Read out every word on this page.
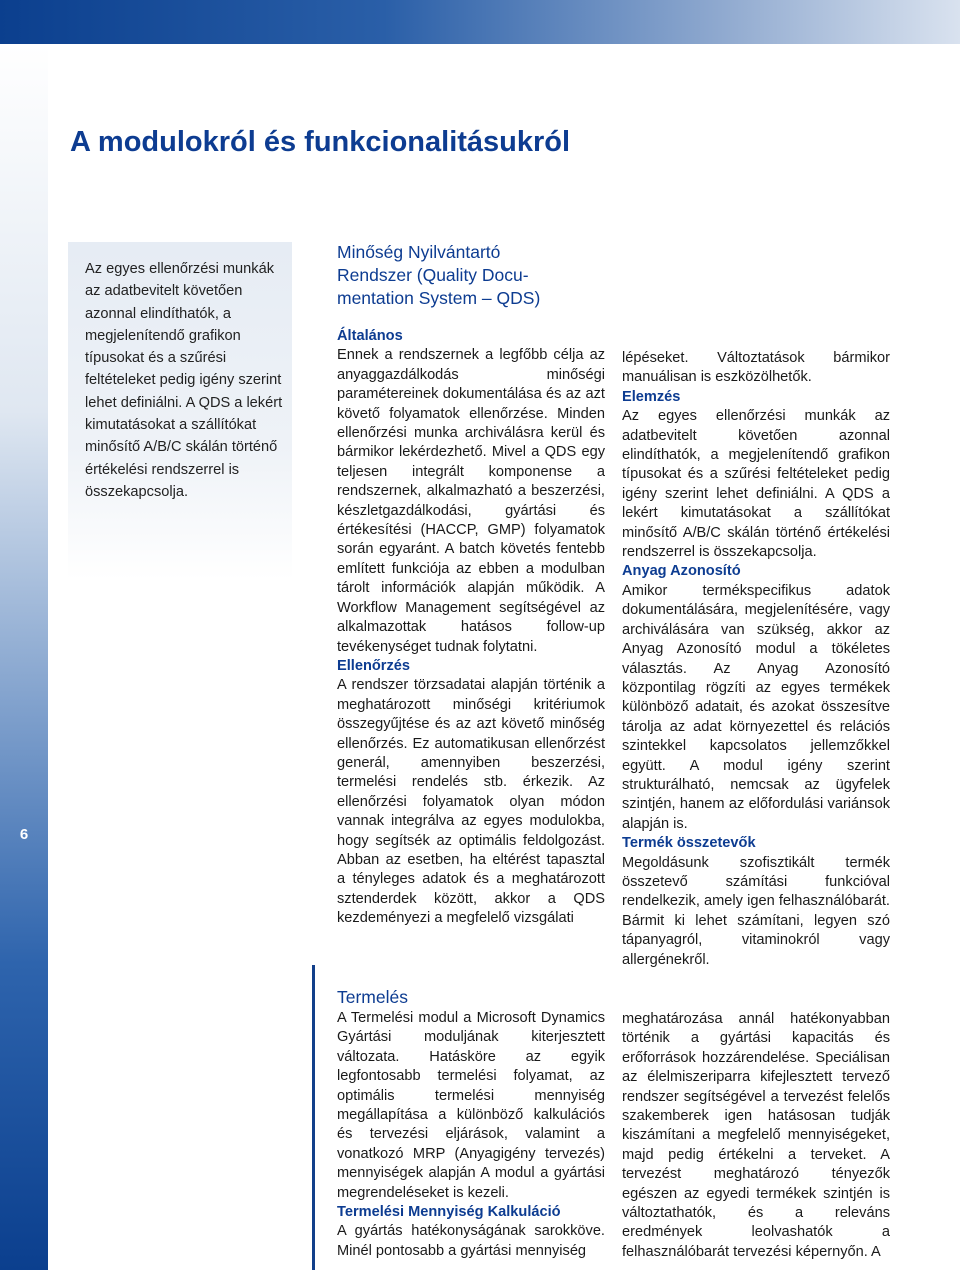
6
A modulokról és funkcionalitásukról

Az egyes ellenőrzési munkák az adatbevitelt követően azonnal elindíthatók, a megjelenítendő grafikon típusokat és a szűrési feltételeket pedig igény szerint lehet definiálni. A QDS a lekért kimutatásokat a szállítókat minősítő A/B/C skálán történő értékelési rendszerrel is összekapcsolja.

Minőség Nyilvántartó
Rendszer (Quality Docu-
mentation System – QDS)
Általános

Ennek a rendszernek a legfőbb célja az anyaggazdálkodás minőségi paramétereinek dokumentálása és az azt követő folyamatok ellenőrzése. Minden ellenőrzési munka archiválásra kerül és bármikor lekérdezhető. Mivel a QDS egy teljesen integrált komponense a rendszernek, alkalmazható a beszerzési, készletgazdálkodási, gyártási és értékesítési (HACCP, GMP) folyamatok során egyaránt. A batch követés fentebb említett funkciója az ebben a modulban tárolt információk alapján működik. A Workflow Management segítségével az alkalmazottak hatásos follow-up tevékenységet tudnak folytatni.

Ellenőrzés

A rendszer törzsadatai alapján történik a meghatározott minőségi kritériumok összegyűjtése és az azt követő minőség ellenőrzés. Ez automatikusan ellenőrzést generál, amennyiben beszerzési, termelési rendelés stb. érkezik. Az ellenőrzési folyamatok olyan módon vannak integrálva az egyes modulokba, hogy segítsék az optimális feldolgozást. Abban az esetben, ha eltérést tapasztal a tényleges adatok és a meghatározott sztenderdek között, akkor a QDS kezdeményezi a megfelelő vizsgálati

lépéseket. Változtatások bármikor manuálisan is eszközölhetők.

Elemzés

Az egyes ellenőrzési munkák az adatbevitelt követően azonnal elindíthatók, a megjelenítendő grafikon típusokat és a szűrési feltételeket pedig igény szerint lehet definiálni. A QDS a lekért kimutatásokat a szállítókat minősítő A/B/C skálán történő értékelési rendszerrel is összekapcsolja.

Anyag Azonosító

Amikor termékspecifikus adatok dokumentálására, megjelenítésére, vagy archiválására van szükség, akkor az Anyag Azonosító modul a tökéletes választás. Az Anyag Azonosító központilag rögzíti az egyes termékek különböző adatait, és azokat összesítve tárolja az adat környezettel és relációs szintekkel kapcsolatos jellemzőkkel együtt. A modul igény szerint strukturálható, nemcsak az ügyfelek szintjén, hanem az előfordulási variánsok alapján is.

Termék összetevők

Megoldásunk szofisztikált termék összetevő számítási funkcióval rendelkezik, amely igen felhasználóbarát. Bármit ki lehet számítani, legyen szó tápanyagról, vitaminokról vagy allergénekről.

Termelés

A Termelési modul a Microsoft Dynamics Gyártási moduljának kiterjesztett változata. Hatásköre az egyik legfontosabb termelési folyamat, az optimális termelési mennyiség megállapítása a különböző kalkulációs és tervezési eljárások, valamint a vonatkozó MRP (Anyagigény tervezés) mennyiségek alapján A modul a gyártási megrendeléseket is kezeli.

Termelési Mennyiség Kalkuláció

A gyártás hatékonyságának sarokköve. Minél pontosabb a gyártási mennyiség

meghatározása annál hatékonyabban történik a gyártási kapacitás és erőforrások hozzárendelése. Speciálisan az élelmiszeriparra kifejlesztett tervező rendszer segítségével a tervezést felelős szakemberek igen hatásosan tudják kiszámítani a megfelelő mennyiségeket, majd pedig értékelni a terveket. A tervezést meghatározó tényezők egészen az egyedi termékek szintjén is változtathatók, és a releváns eredmények leolvashatók a felhasználóbarát tervezési képernyőn. A
